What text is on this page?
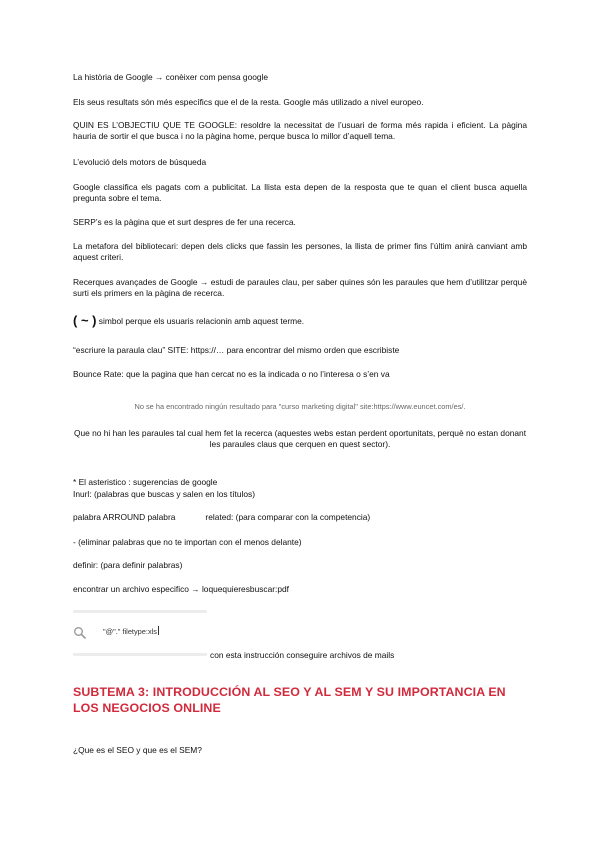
La història de Google → conèixer com pensa google

Els seus resultats són més específics que el de la resta. Google más utilizado a nivel europeo.

QUIN ES L’OBJECTIU QUE TE GOOGLE: resoldre la necessitat de l’usuari de forma més rapida i eficient. La pàgina hauria de sortir el que busca i no la pàgina home, perque busca lo millor d’aquell tema.

L’evolució dels motors de búsqueda

Google classifica els pagats com a publicitat. La llista esta depen de la resposta que te quan el client busca aquella pregunta sobre el tema.

SERP’s es la pàgina que et surt despres de fer una recerca.

La metafora del bibliotecari: depen dels clicks que fassin les persones, la llista de primer fins l’últim anirà canviant amb aquest criteri.

Recerques avançades de Google → estudi de paraules clau, per saber quines són les paraules que hem d’utilitzar perquè surti els primers en la pàgina de recerca.

( ~ ) simbol perque els usuaris relacionin amb aquest terme.

“escriure la paraula clau” SITE: https://… para encontrar del mismo orden que escribiste

Bounce Rate: que la pagina que han cercat no es la indicada o no l’interesa o s’en va

No se ha encontrado ningún resultado para "curso marketing digital" site:https://www.euncet.com/es/.
Que no hi han les paraules tal cual hem fet la recerca (aquestes webs estan perdent oportunitats, perquè no estan donant les paraules claus que cerquen en quest sector).

* El asteristico : sugerencias de google

Inurl: (palabras que buscas y salen en los títulos)

palabra ARROUND palabra	related: (para comparar con la competencia)

- (eliminar palabras que no te importan con el menos delante)

definir: (para definir palabras)

encontrar un archivo especifico → loquequieresbuscar:pdf

"@"." filetype:xls
con esta instrucción conseguire archivos de mails
SUBTEMA 3: INTRODUCCIÓN AL SEO Y AL SEM Y SU IMPORTANCIA EN LOS NEGOCIOS ONLINE

¿Que es el SEO y que es el SEM?
